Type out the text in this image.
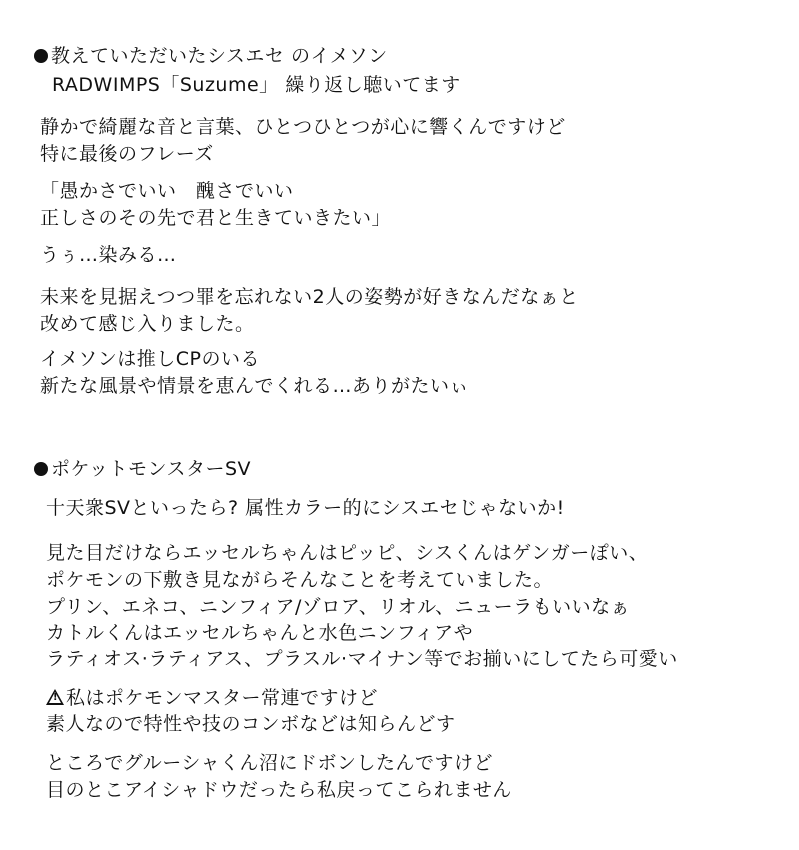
教えていただいたシスエセ のイメソン
RADWIMPS「Suzume」 繰り返し聴いてます
静かで綺麗な音と言葉、ひとつひとつが心に響くんですけど
特に最後のフレーズ
「愚かさでいい　醜さでいい
正しさのその先で君と生きていきたい」
うぅ…染みる…
未来を見据えつつ罪を忘れない2人の姿勢が好きなんだなぁと
改めて感じ入りました。
イメソンは推しCPのいる
新たな風景や情景を恵んでくれる…ありがたいぃ
ポケットモンスターSV
十天衆SVといったら? 属性カラー的にシスエセじゃないか!
見た目だけならエッセルちゃんはピッピ、シスくんはゲンガーぽい、
ポケモンの下敷き見ながらそんなことを考えていました。
プリン、エネコ、ニンフィア/ゾロア、リオル、ニューラもいいなぁ
カトルくんはエッセルちゃんと水色ニンフィアや
ラティオス·ラティアス、プラスル·マイナン等でお揃いにしてたら可愛い
!私はポケモンマスター常連ですけど
素人なので特性や技のコンボなどは知らんどす
ところでグルーシャくん沼にドボンしたんですけど
目のとこアイシャドウだったら私戻ってこられません
